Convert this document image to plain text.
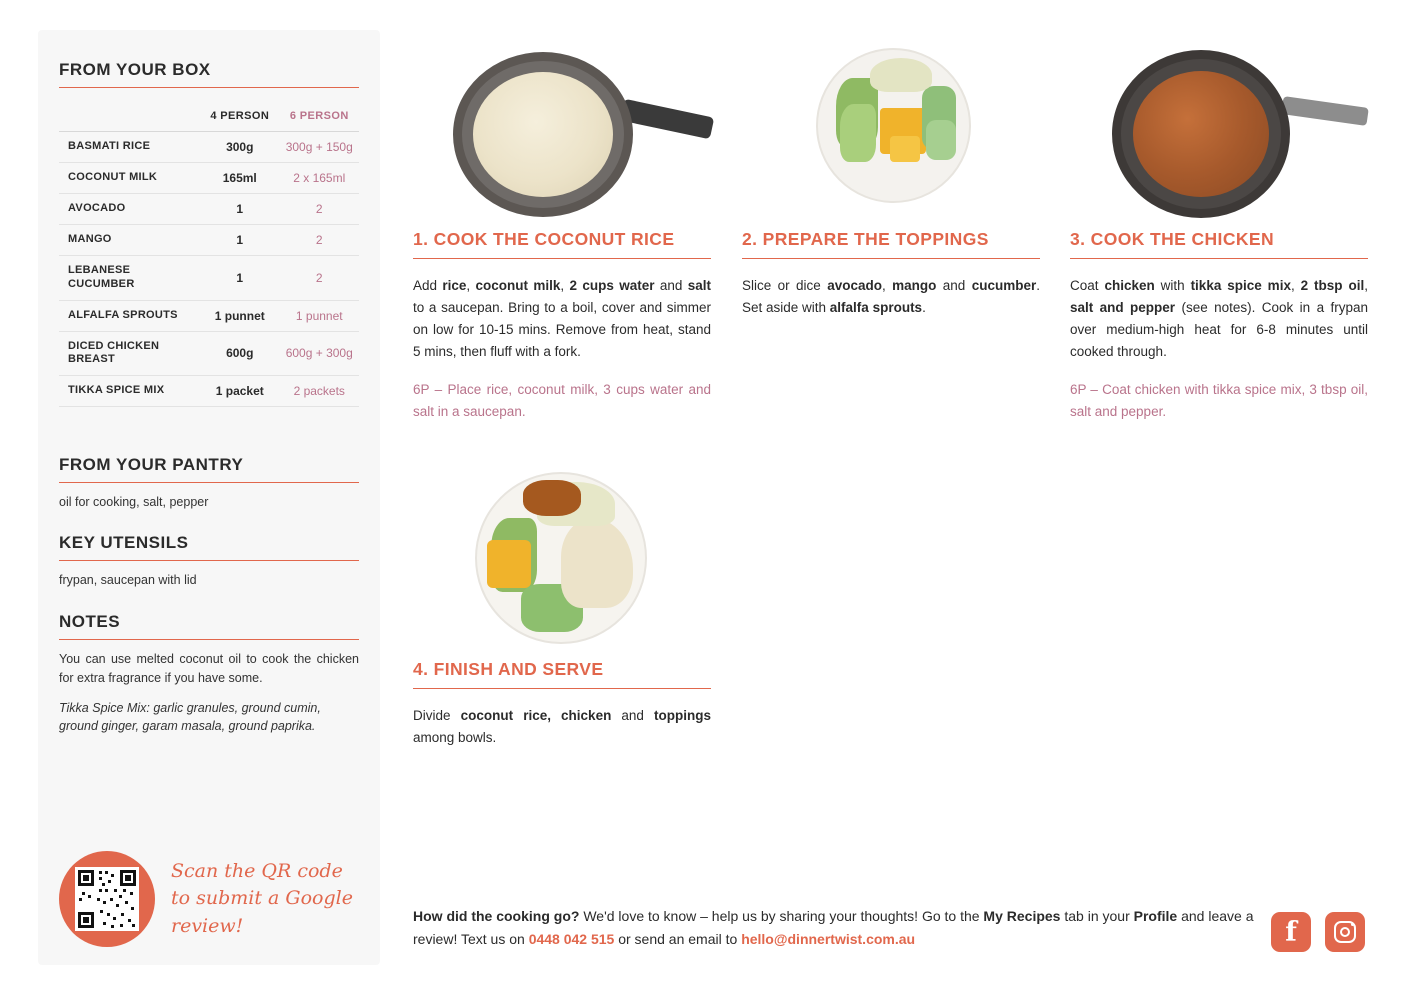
FROM YOUR BOX
	4 PERSON	6 PERSON
BASMATI RICE	300g	300g + 150g
COCONUT MILK	165ml	2 x 165ml
AVOCADO	1	2
MANGO	1	2
LEBANESE CUCUMBER	1	2
ALFALFA SPROUTS	1 punnet	1 punnet
DICED CHICKEN BREAST	600g	600g + 300g
TIKKA SPICE MIX	1 packet	2 packets

FROM YOUR PANTRY

oil for cooking, salt, pepper

KEY UTENSILS

frypan, saucepan with lid

NOTES

You can use melted coconut oil to cook the chicken for extra fragrance if you have some.

Tikka Spice Mix: garlic granules, ground cumin, ground ginger, garam masala, ground paprika.

Scan the QR code to submit a Google review!
1. COOK THE COCONUT RICE

Add rice, coconut milk, 2 cups water and salt to a saucepan. Bring to a boil, cover and simmer on low for 10-15 mins. Remove from heat, stand 5 mins, then fluff with a fork.

6P – Place rice, coconut milk, 3 cups water and salt in a saucepan.

2. PREPARE THE TOPPINGS

Slice or dice avocado, mango and cucumber. Set aside with alfalfa sprouts.

3. COOK THE CHICKEN

Coat chicken with tikka spice mix, 2 tbsp oil, salt and pepper (see notes). Cook in a frypan over medium-high heat for 6-8 minutes until cooked through.

6P – Coat chicken with tikka spice mix, 3 tbsp oil, salt and pepper.

4. FINISH AND SERVE

Divide coconut rice, chicken and toppings among bowls.

How did the cooking go? We'd love to know – help us by sharing your thoughts! Go to the My Recipes tab in your Profile and leave a review! Text us on 0448 042 515 or send an email to hello@dinnertwist.com.au	f
